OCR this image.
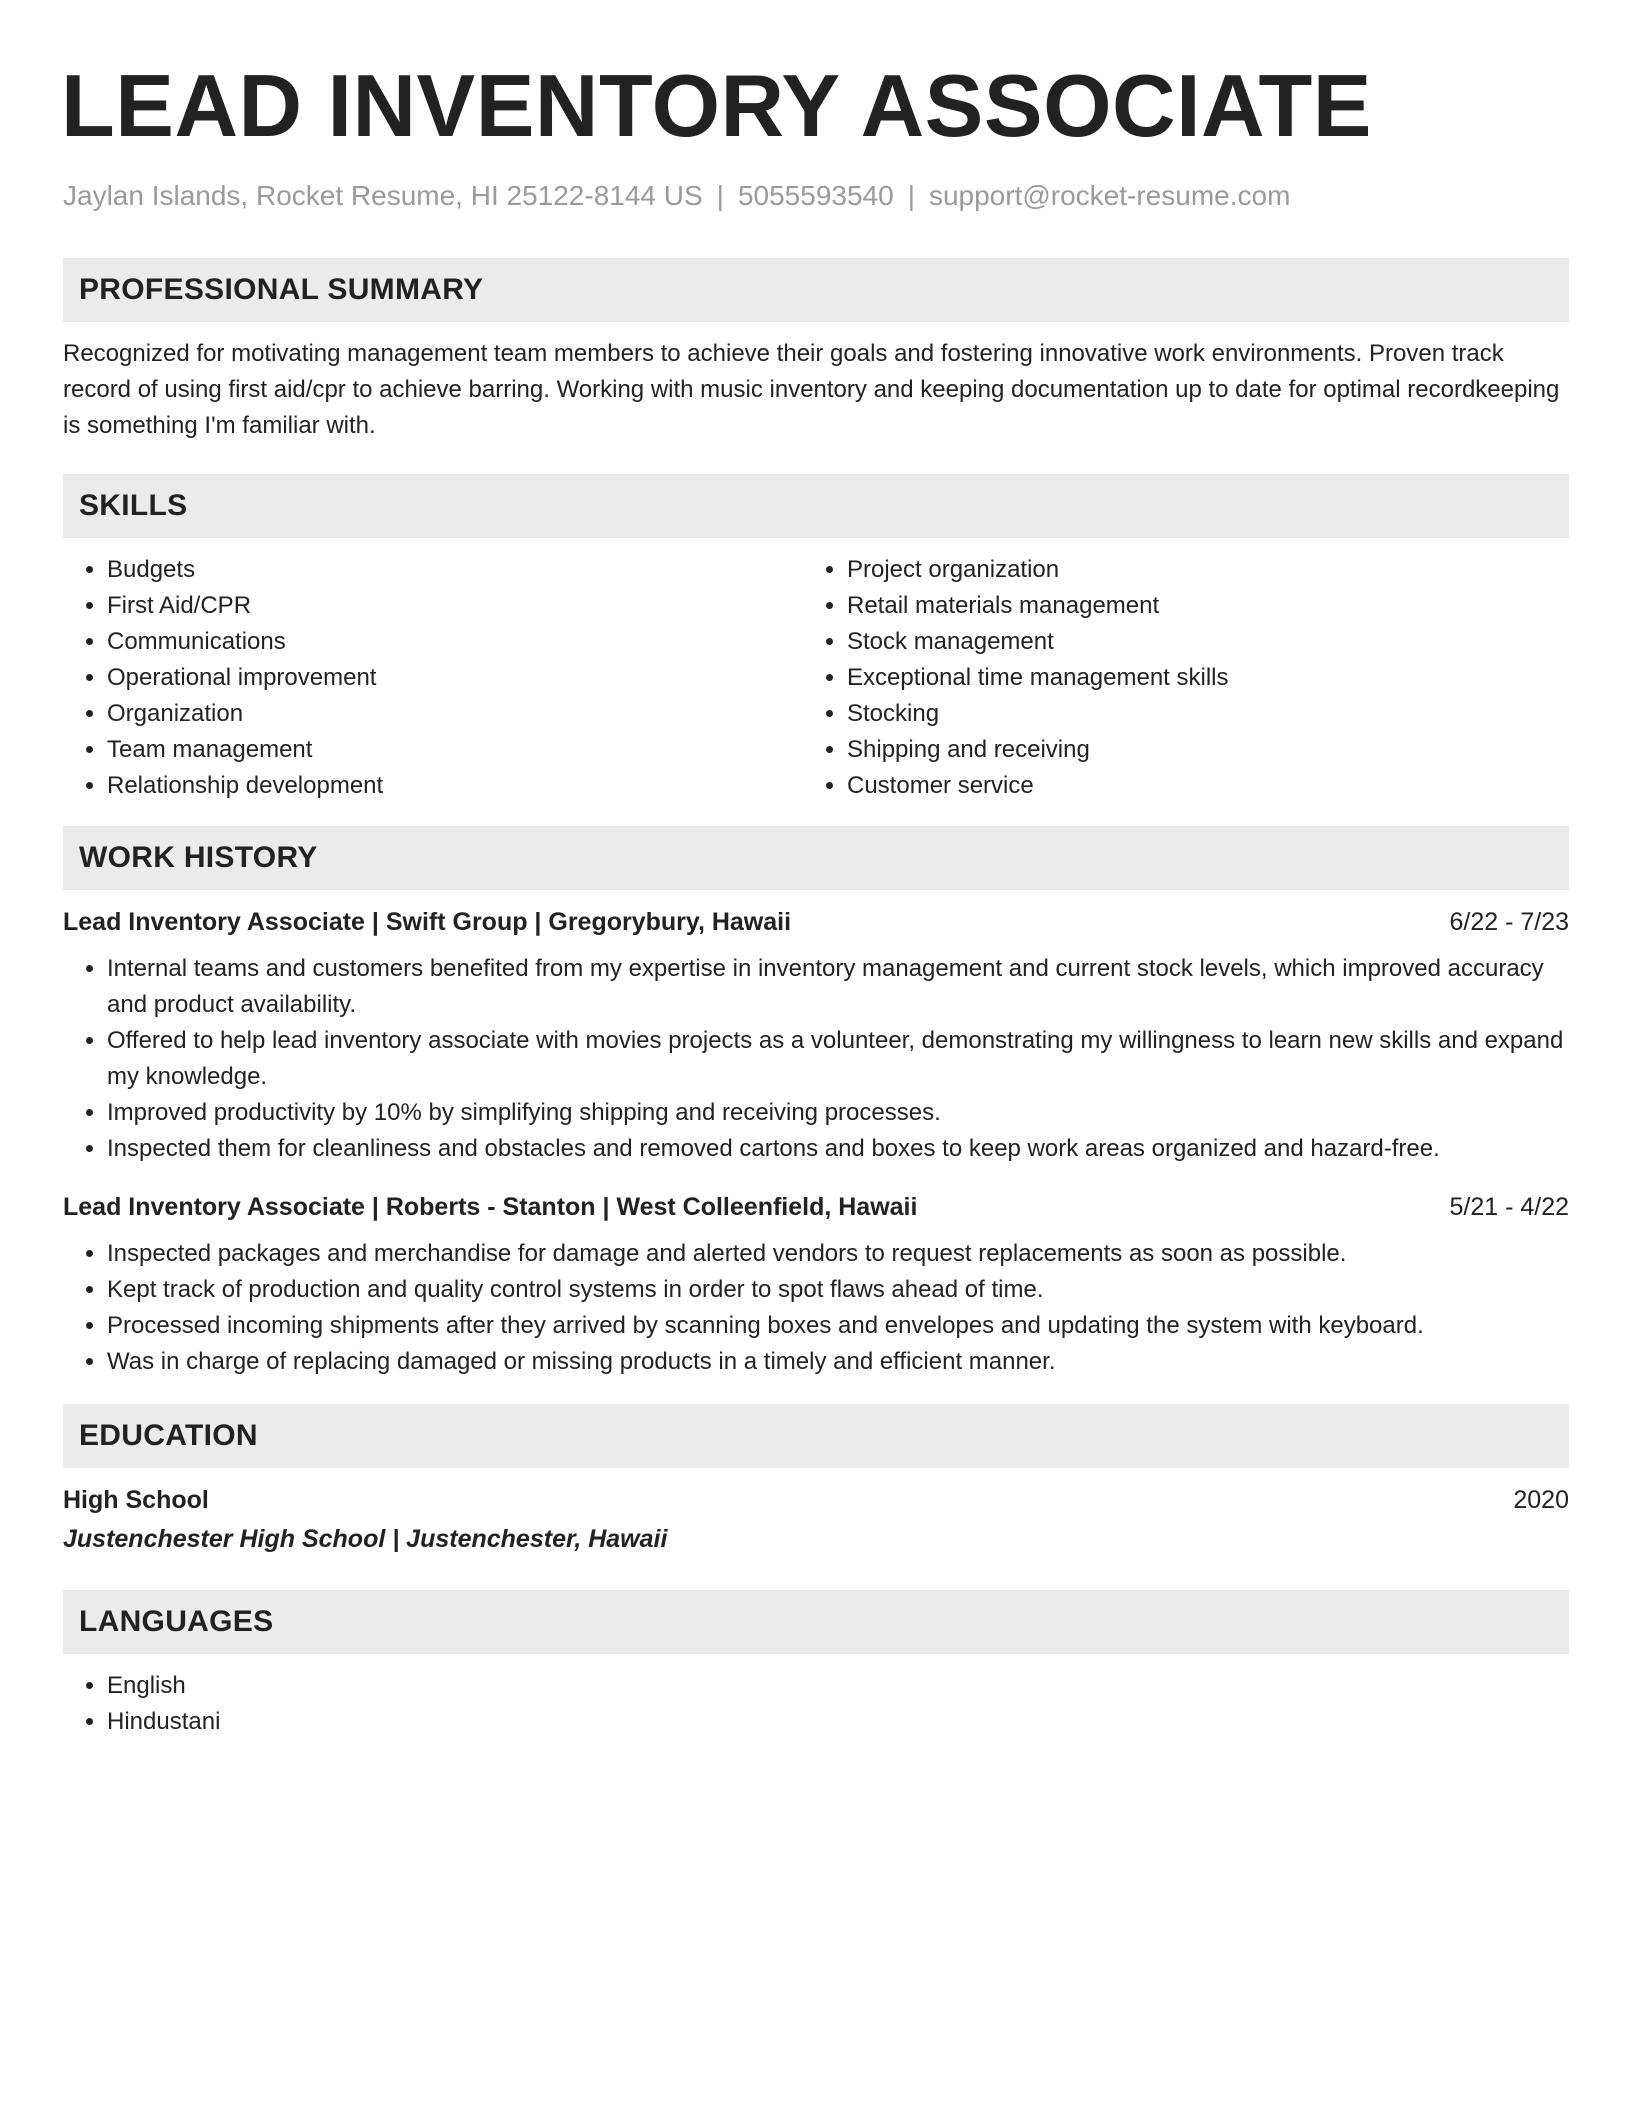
LEAD INVENTORY ASSOCIATE
Jaylan Islands, Rocket Resume, HI 25122-8144 US | 5055593540 | support@rocket-resume.com
PROFESSIONAL SUMMARY
Recognized for motivating management team members to achieve their goals and fostering innovative work environments. Proven track record of using first aid/cpr to achieve barring. Working with music inventory and keeping documentation up to date for optimal recordkeeping is something I'm familiar with.
SKILLS
• Budgets
• First Aid/CPR
• Communications
• Operational improvement
• Organization
• Team management
• Relationship development
• Project organization
• Retail materials management
• Stock management
• Exceptional time management skills
• Stocking
• Shipping and receiving
• Customer service
WORK HISTORY
Lead Inventory Associate | Swift Group | Gregorybury, Hawaii	6/22 - 7/23
• Internal teams and customers benefited from my expertise in inventory management and current stock levels, which improved accuracy and product availability.
• Offered to help lead inventory associate with movies projects as a volunteer, demonstrating my willingness to learn new skills and expand my knowledge.
• Improved productivity by 10% by simplifying shipping and receiving processes.
• Inspected them for cleanliness and obstacles and removed cartons and boxes to keep work areas organized and hazard-free.
Lead Inventory Associate | Roberts - Stanton | West Colleenfield, Hawaii	5/21 - 4/22
• Inspected packages and merchandise for damage and alerted vendors to request replacements as soon as possible.
• Kept track of production and quality control systems in order to spot flaws ahead of time.
• Processed incoming shipments after they arrived by scanning boxes and envelopes and updating the system with keyboard.
• Was in charge of replacing damaged or missing products in a timely and efficient manner.
EDUCATION
High School	2020
Justenchester High School | Justenchester, Hawaii
LANGUAGES
• English
• Hindustani
